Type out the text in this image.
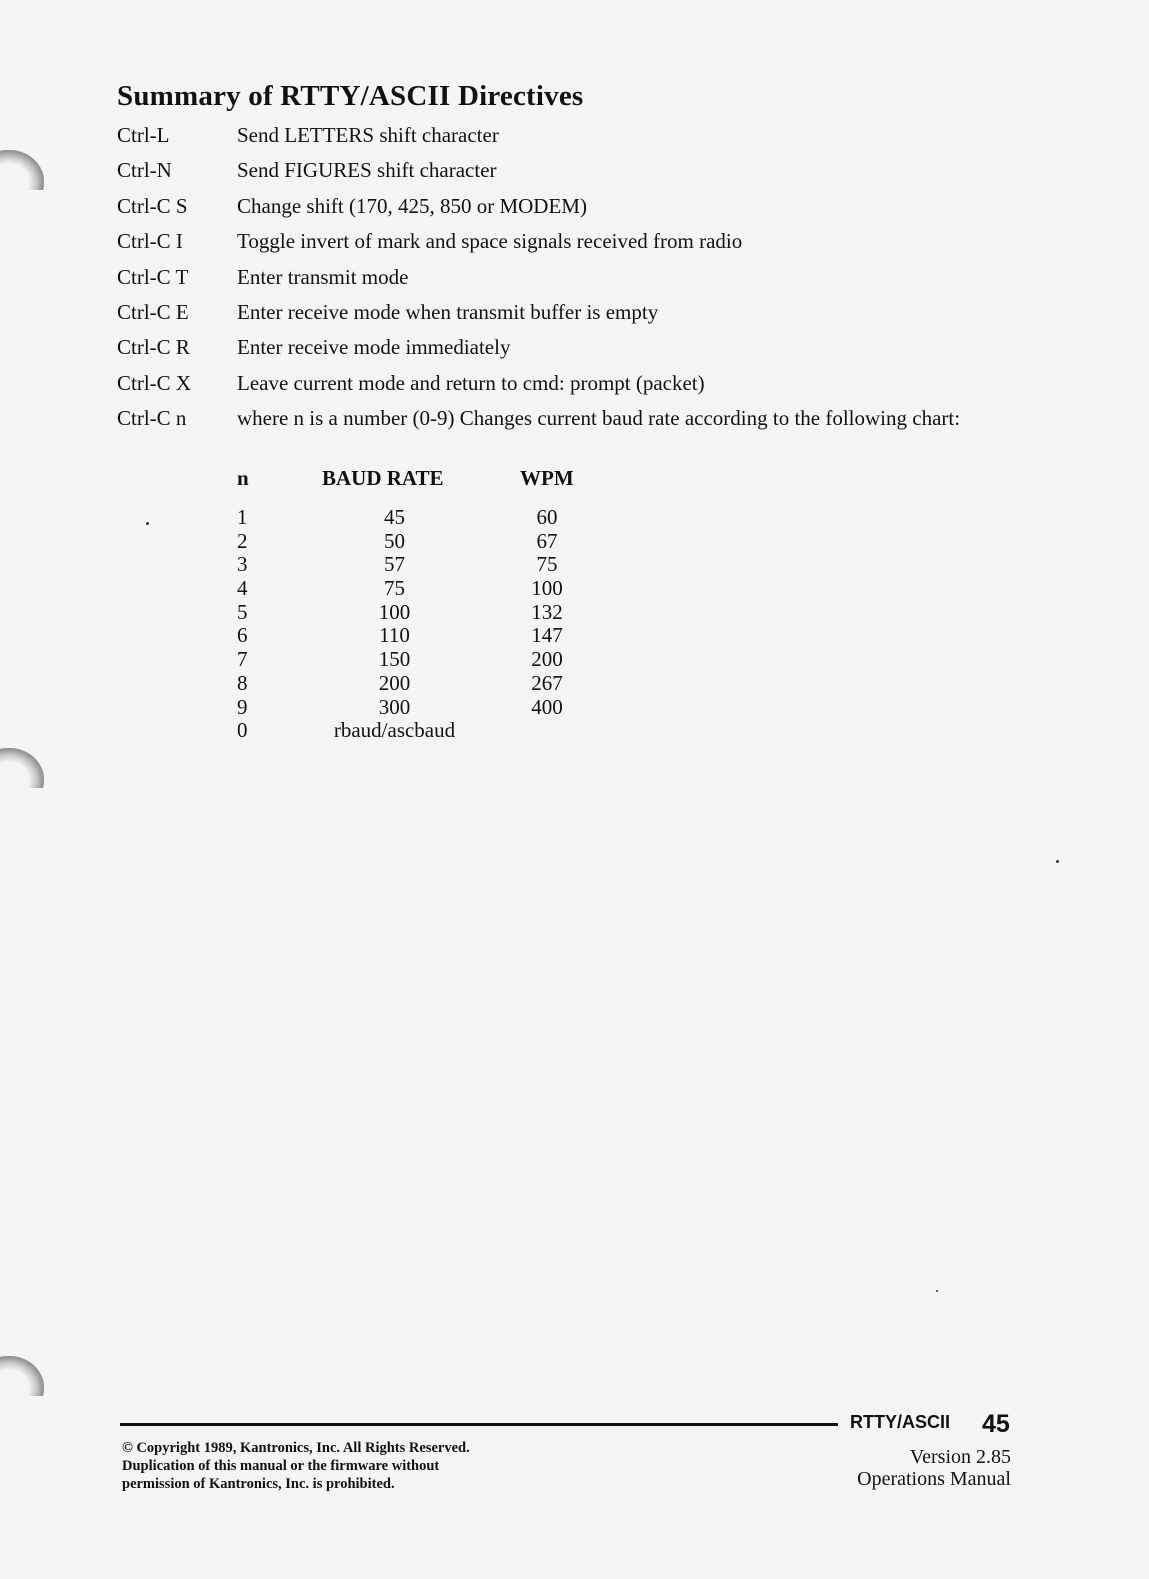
Summary of RTTY/ASCII Directives
Ctrl-L	Send LETTERS shift character
Ctrl-N	Send FIGURES shift character
Ctrl-C S Change shift (170, 425, 850 or MODEM)
Ctrl-C I	Toggle invert of mark and space signals received from radio
Ctrl-C T Enter transmit mode
Ctrl-C E Enter receive mode when transmit buffer is empty
Ctrl-C R Enter receive mode immediately
Ctrl-C X Leave current mode and return to cmd: prompt (packet)
Ctrl-C n where n is a number (0-9) Changes current baud rate according to the following chart:
n	BAUD RATE	WPM
1	45	60
2	50	67
3	57	75
4	75	100
5	100	132
6	110	147
7	150	200
8	200	267
9	300	400
0	rbaud/ascbaud
RTTY/ASCII 45
Version 2.85
Operations Manual
© Copyright 1989, Kantronics, Inc. All Rights Reserved.
Duplication of this manual or the firmware without
permission of Kantronics, Inc. is prohibited.
